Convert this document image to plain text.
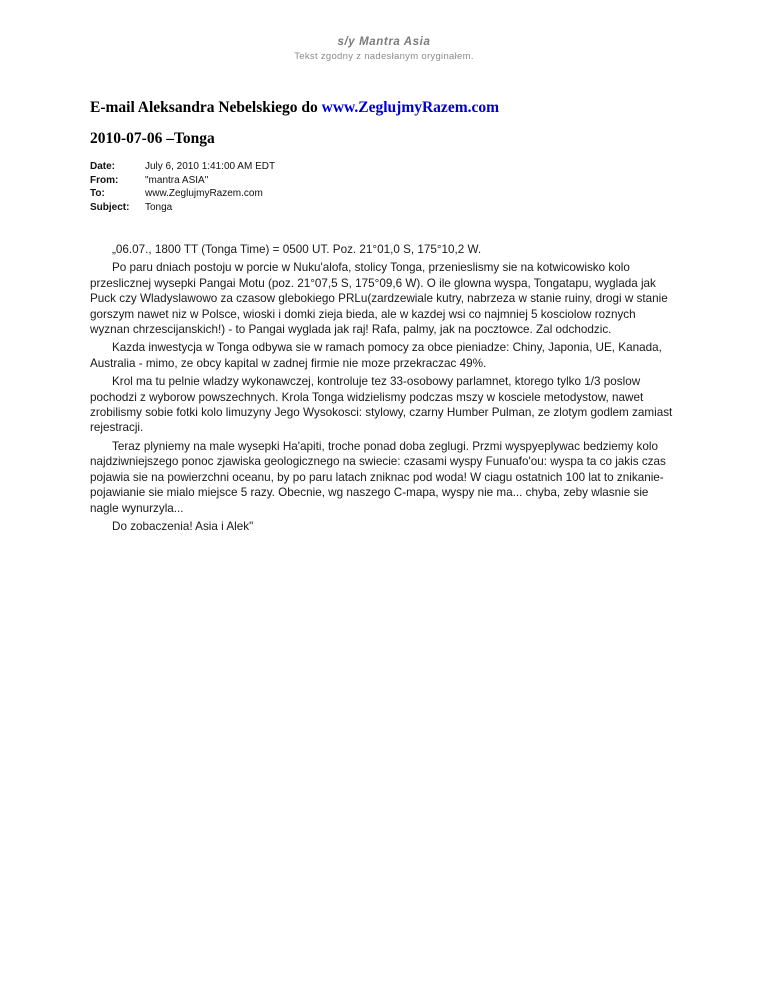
s/y Mantra Asia
Tekst zgodny z nadesłanym oryginałem.
E-mail Aleksandra Nebelskiego do www.ZeglujmyRazem.com
2010-07-06 –Tonga
Date:	July 6, 2010 1:41:00 AM EDT
From:	"mantra ASIA"
To:	www.ZeglujmyRazem.com
Subject:	Tonga

„06.07., 1800 TT (Tonga Time) = 0500 UT. Poz. 21°01,0 S, 175°10,2 W.

Po paru dniach postoju w porcie w Nuku'alofa, stolicy Tonga, przenieslismy sie na kotwicowisko kolo przeslicznej wysepki Pangai Motu (poz. 21°07,5 S, 175°09,6 W). O ile glowna wyspa, Tongatapu, wyglada jak Puck czy Wladyslawowo za czasow glebokiego PRLu(zardzewiale kutry, nabrzeza w stanie ruiny, drogi w stanie gorszym nawet niz w Polsce, wioski i domki zieja bieda, ale w kazdej wsi co najmniej 5 kosciolow roznych wyznan chrzescijanskich!) - to Pangai wyglada jak raj! Rafa, palmy, jak na pocztowce. Zal odchodzic.

Kazda inwestycja w Tonga odbywa sie w ramach pomocy za obce pieniadze: Chiny, Japonia, UE, Kanada, Australia - mimo, ze obcy kapital w zadnej firmie nie moze przekraczac 49%.

Krol ma tu pelnie wladzy wykonawczej, kontroluje tez 33-osobowy parlamnet, ktorego tylko 1/3 poslow pochodzi z wyborow powszechnych. Krola Tonga widzielismy podczas mszy w kosciele metodystow, nawet zrobilismy sobie fotki kolo limuzyny Jego Wysokosci: stylowy, czarny Humber Pulman, ze zlotym godlem zamiast rejestracji.

Teraz plyniemy na male wysepki Ha'apiti, troche ponad doba zeglugi. Przmi wyspyeplywac bedziemy kolo najdziwniejszego ponoc zjawiska geologicznego na swiecie: czasami wyspy Funuafo'ou: wyspa ta co jakis czas pojawia sie na powierzchni oceanu, by po paru latach zniknac pod woda! W ciagu ostatnich 100 lat to znikanie-pojawianie sie mialo miejsce 5 razy. Obecnie, wg naszego C-mapa, wyspy nie ma... chyba, zeby wlasnie sie nagle wynurzyla...

Do zobaczenia! Asia i Alek"
